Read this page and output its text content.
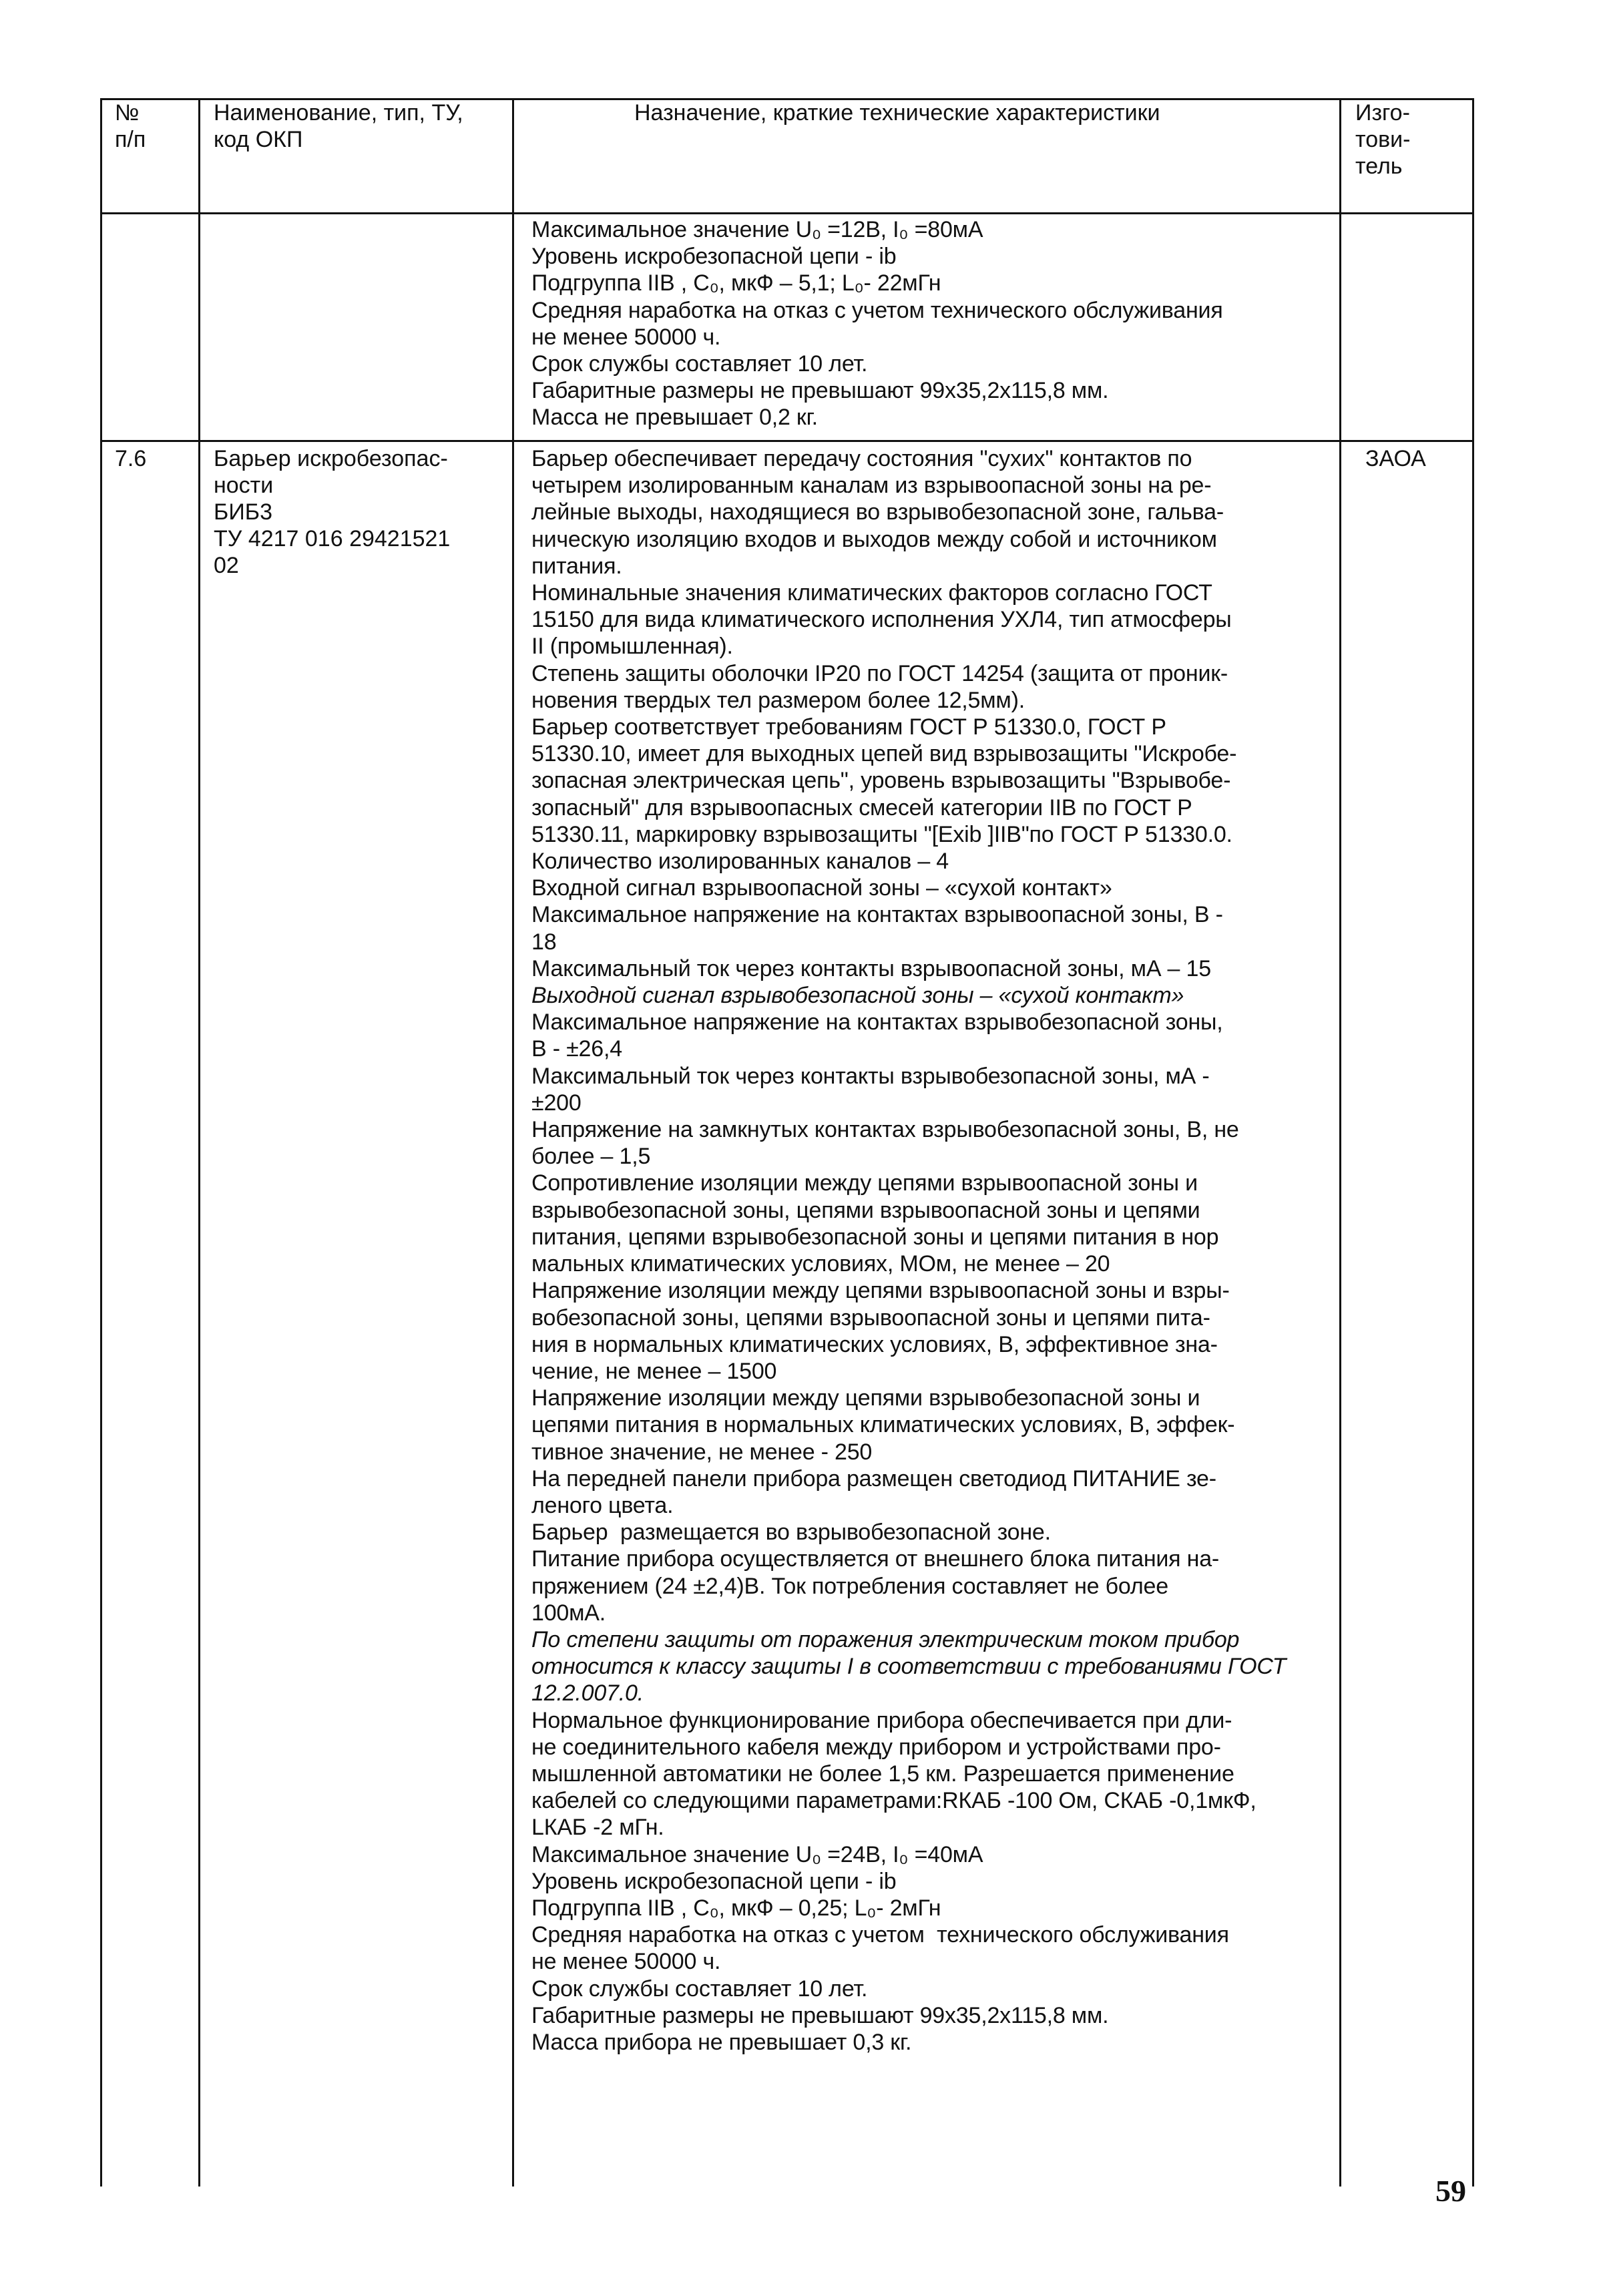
№
п/п
Наименование, тип, ТУ,
код ОКП
Назначение, краткие технические характеристики	Изго-
тови-
тель
Максимальное значение U₀ =12В, I₀ =80мА
Уровень искробезопасной цепи - ib
Подгруппа IIВ , С₀, мкФ – 5,1; L₀- 22мГн
Средняя наработка на отказ с учетом технического обслуживания
не менее 50000 ч.
Срок службы составляет 10 лет.
Габаритные размеры не превышают 99х35,2х115,8 мм.
Масса не превышает 0,2 кг.
7.6	Барьер искробезопас-
ности
БИБ3
ТУ 4217 016 29421521
02
ЗАОА
Барьер обеспечивает передачу состояния "сухих" контактов по
четырем изолированным каналам из взрывоопасной зоны на ре-
лейные выходы, находящиеся во взрывобезопасной зоне, гальва-
ническую изоляцию входов и выходов между собой и источником
питания.
Номинальные значения климатических факторов согласно ГОСТ
15150 для вида климатического исполнения УХЛ4, тип атмосферы
II (промышленная).
Степень защиты оболочки IP20 по ГОСТ 14254 (защита от проник-
новения твердых тел размером более 12,5мм).
Барьер соответствует требованиям ГОСТ Р 51330.0, ГОСТ Р
51330.10, имеет для выходных цепей вид взрывозащиты "Искробе-
зопасная электрическая цепь", уровень взрывозащиты "Взрывобе-
зопасный" для взрывоопасных смесей категории IIВ по ГОСТ Р
51330.11, маркировку взрывозащиты "[Exib ]IIВ"по ГОСТ Р 51330.0.
Количество изолированных каналов – 4
Входной сигнал взрывоопасной зоны – «сухой контакт»
Максимальное напряжение на контактах взрывоопасной зоны, В -
18
Максимальный ток через контакты взрывоопасной зоны, мА – 15
Выходной сигнал взрывобезопасной зоны – «сухой контакт»
Максимальное напряжение на контактах взрывобезопасной зоны,
В - ±26,4
Максимальный ток через контакты взрывобезопасной зоны, мА -
±200
Напряжение на замкнутых контактах взрывобезопасной зоны, В, не
более – 1,5
Сопротивление изоляции между цепями взрывоопасной зоны и
взрывобезопасной зоны, цепями взрывоопасной зоны и цепями
питания, цепями взрывобезопасной зоны и цепями питания в нор
мальных климатических условиях, МОм, не менее – 20
Напряжение изоляции между цепями взрывоопасной зоны и взры-
вобезопасной зоны, цепями взрывоопасной зоны и цепями пита-
ния в нормальных климатических условиях, В, эффективное зна-
чение, не менее – 1500
Напряжение изоляции между цепями взрывобезопасной зоны и
цепями питания в нормальных климатических условиях, В, эффек-
тивное значение, не менее - 250
На передней панели прибора размещен светодиод ПИТАНИЕ зе-
леного цвета.
Барьер  размещается во взрывобезопасной зоне.
Питание прибора осуществляется от внешнего блока питания на-
пряжением (24 ±2,4)В. Ток потребления составляет не более
100мА.
По степени защиты от поражения электрическим током прибор
относится к классу защиты I в соответствии с требованиями ГОСТ
12.2.007.0.
Нормальное функционирование прибора обеспечивается при дли-
не соединительного кабеля между прибором и устройствами про-
мышленной автоматики не более 1,5 км. Разрешается применение
кабелей со следующими параметрами:RКАБ -100 Ом, СКАБ -0,1мкФ,
LКАБ -2 мГн.
Максимальное значение U₀ =24В, I₀ =40мА
Уровень искробезопасной цепи - ib
Подгруппа IIВ , С₀, мкФ – 0,25; L₀- 2мГн
Средняя наработка на отказ с учетом  технического обслуживания
не менее 50000 ч.
Срок службы составляет 10 лет.
Габаритные размеры не превышают 99х35,2х115,8 мм.
Масса прибора не превышает 0,3 кг.
59
